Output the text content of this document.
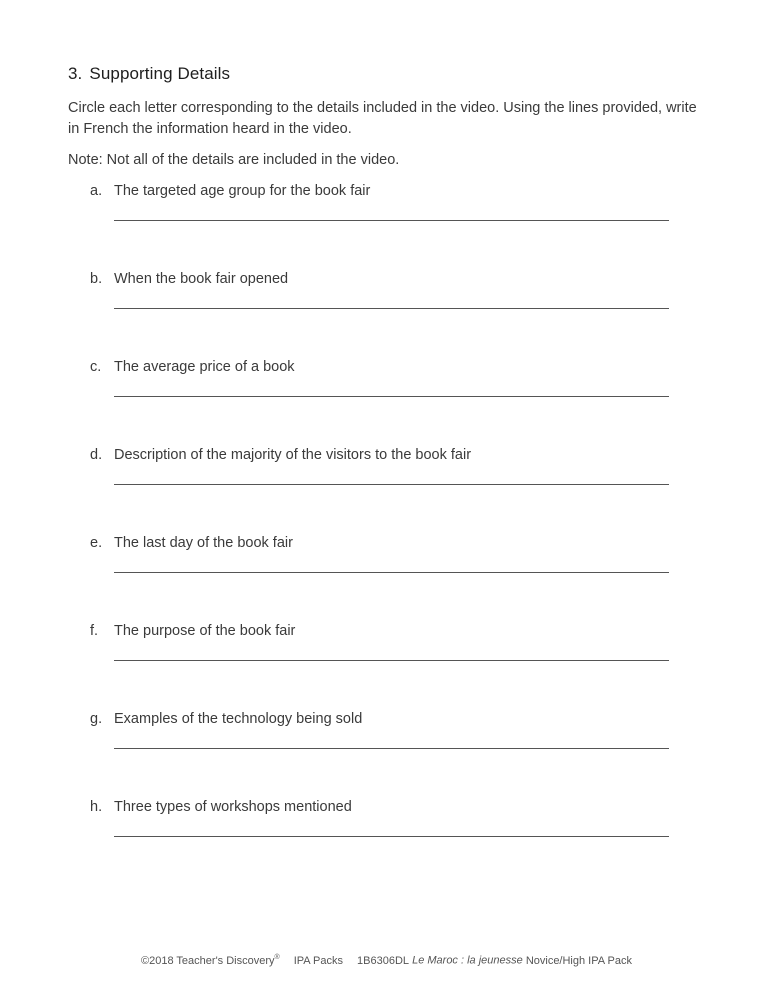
3. Supporting Details

Circle each letter corresponding to the details included in the video. Using the lines provided, write in French the information heard in the video.

Note: Not all of the details are included in the video.

a. The targeted age group for the book fair
b. When the book fair opened
c. The average price of a book
d. Description of the majority of the visitors to the book fair
e. The last day of the book fair
f. The purpose of the book fair
g. Examples of the technology being sold
h. Three types of workshops mentioned
©2018 Teacher's Discovery® IPA Packs 1B6306DL Le Maroc : la jeunesse Novice/High IPA Pack
